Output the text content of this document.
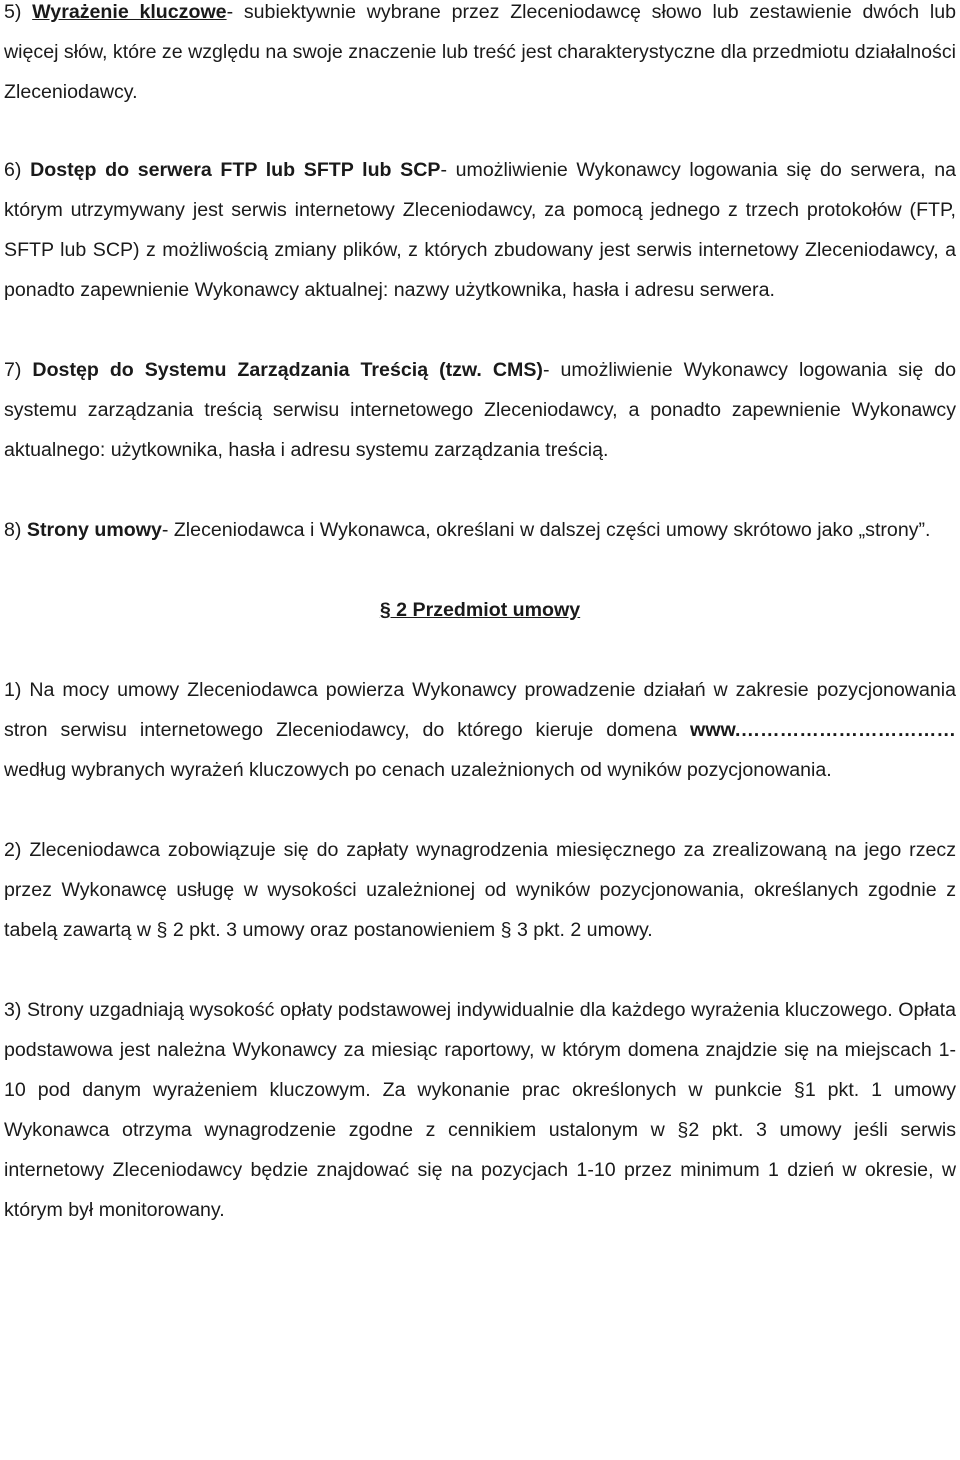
5) Wyrażenie kluczowe- subiektywnie wybrane przez Zleceniodawcę słowo lub zestawienie dwóch lub więcej słów, które ze względu na swoje znaczenie lub treść jest charakterystyczne dla przedmiotu działalności Zleceniodawcy.

6) Dostęp do serwera FTP lub SFTP lub SCP- umożliwienie Wykonawcy logowania się do serwera, na którym utrzymywany jest serwis internetowy Zleceniodawcy, za pomocą jednego z trzech protokołów (FTP, SFTP lub SCP) z możliwością zmiany plików, z których zbudowany jest serwis internetowy Zleceniodawcy, a ponadto zapewnienie Wykonawcy aktualnej: nazwy użytkownika, hasła i adresu serwera.

7) Dostęp do Systemu Zarządzania Treścią (tzw. CMS)- umożliwienie Wykonawcy logowania się do systemu zarządzania treścią serwisu internetowego Zleceniodawcy, a ponadto zapewnienie Wykonawcy aktualnego: użytkownika, hasła i adresu systemu zarządzania treścią.

8) Strony umowy- Zleceniodawca i Wykonawca, określani w dalszej części umowy skrótowo jako „strony”.

§ 2 Przedmiot umowy

1) Na mocy umowy Zleceniodawca powierza Wykonawcy prowadzenie działań w zakresie pozycjonowania stron serwisu internetowego Zleceniodawcy, do którego kieruje domena www.…………………………… według wybranych wyrażeń kluczowych po cenach uzależnionych od wyników pozycjonowania.

2) Zleceniodawca zobowiązuje się do zapłaty wynagrodzenia miesięcznego za zrealizowaną na jego rzecz przez Wykonawcę usługę w wysokości uzależnionej od wyników pozycjonowania, określanych zgodnie z tabelą zawartą w § 2 pkt. 3 umowy oraz postanowieniem § 3 pkt. 2 umowy.

3) Strony uzgadniają wysokość opłaty podstawowej indywidualnie dla każdego wyrażenia kluczowego. Opłata podstawowa jest należna Wykonawcy za miesiąc raportowy, w którym domena znajdzie się na miejscach 1-10 pod danym wyrażeniem kluczowym. Za wykonanie prac określonych w punkcie §1 pkt. 1 umowy Wykonawca otrzyma wynagrodzenie zgodne z cennikiem ustalonym w §2 pkt. 3 umowy jeśli serwis internetowy Zleceniodawcy będzie znajdować się na pozycjach 1-10 przez minimum 1 dzień w okresie, w którym był monitorowany.
